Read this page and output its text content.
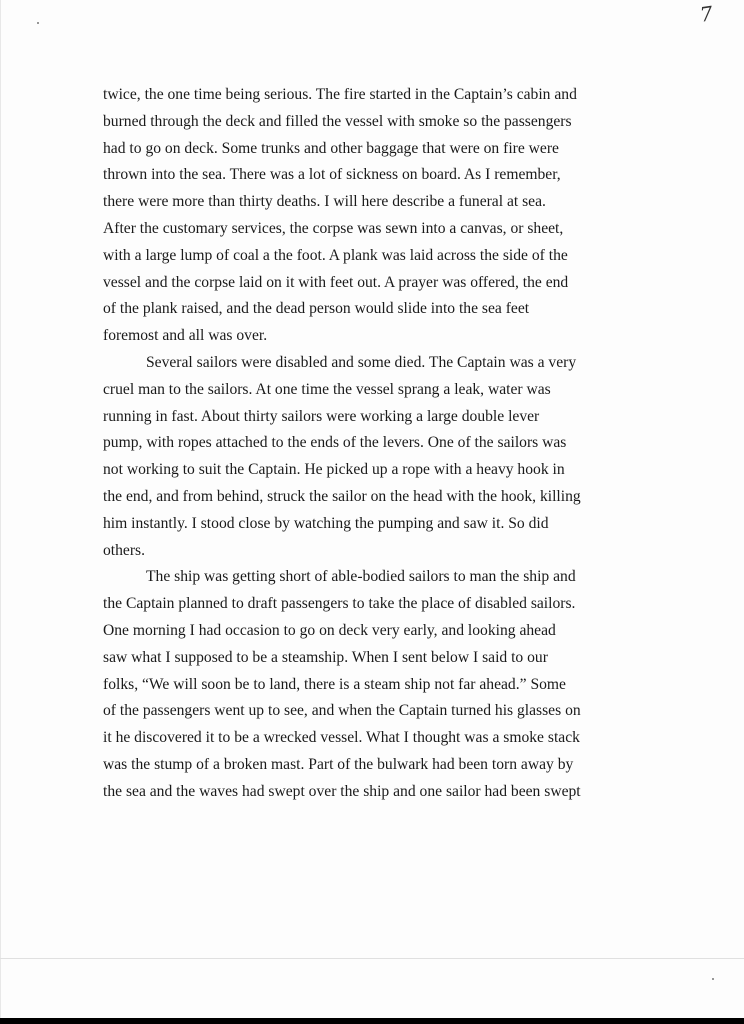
7
twice, the one time being serious. The fire started in the Captain’s cabin and
burned through the deck and filled the vessel with smoke so the passengers
had to go on deck. Some trunks and other baggage that were on fire were
thrown into the sea. There was a lot of sickness on board. As I remember,
there were more than thirty deaths. I will here describe a funeral at sea.
After the customary services, the corpse was sewn into a canvas, or sheet,
with a large lump of coal a the foot. A plank was laid across the side of the
vessel and the corpse laid on it with feet out. A prayer was offered, the end
of the plank raised, and the dead person would slide into the sea feet
foremost and all was over.
Several sailors were disabled and some died. The Captain was a very
cruel man to the sailors. At one time the vessel sprang a leak, water was
running in fast. About thirty sailors were working a large double lever
pump, with ropes attached to the ends of the levers. One of the sailors was
not working to suit the Captain. He picked up a rope with a heavy hook in
the end, and from behind, struck the sailor on the head with the hook, killing
him instantly. I stood close by watching the pumping and saw it. So did
others.
The ship was getting short of able-bodied sailors to man the ship and
the Captain planned to draft passengers to take the place of disabled sailors.
One morning I had occasion to go on deck very early, and looking ahead
saw what I supposed to be a steamship. When I sent below I said to our
folks, “We will soon be to land, there is a steam ship not far ahead.” Some
of the passengers went up to see, and when the Captain turned his glasses on
it he discovered it to be a wrecked vessel. What I thought was a smoke stack
was the stump of a broken mast. Part of the bulwark had been torn away by
the sea and the waves had swept over the ship and one sailor had been swept
